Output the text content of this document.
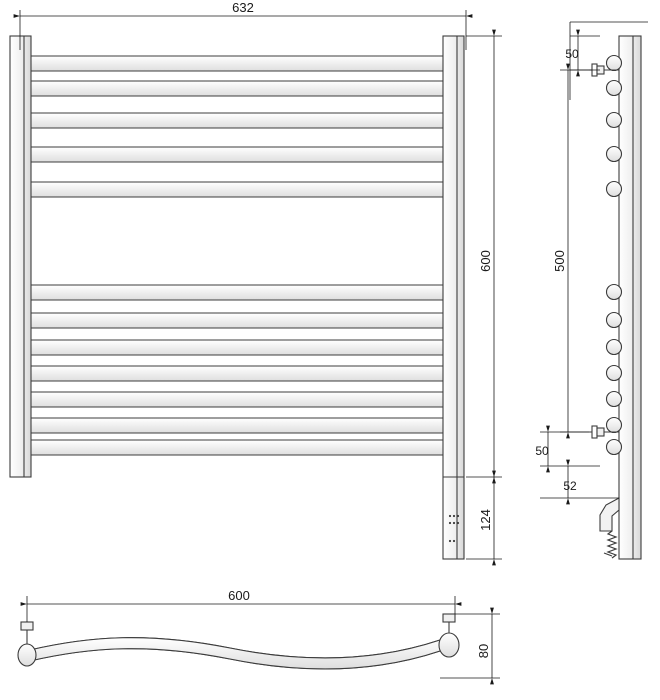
632
600
124
50
500
50
52
600
80
